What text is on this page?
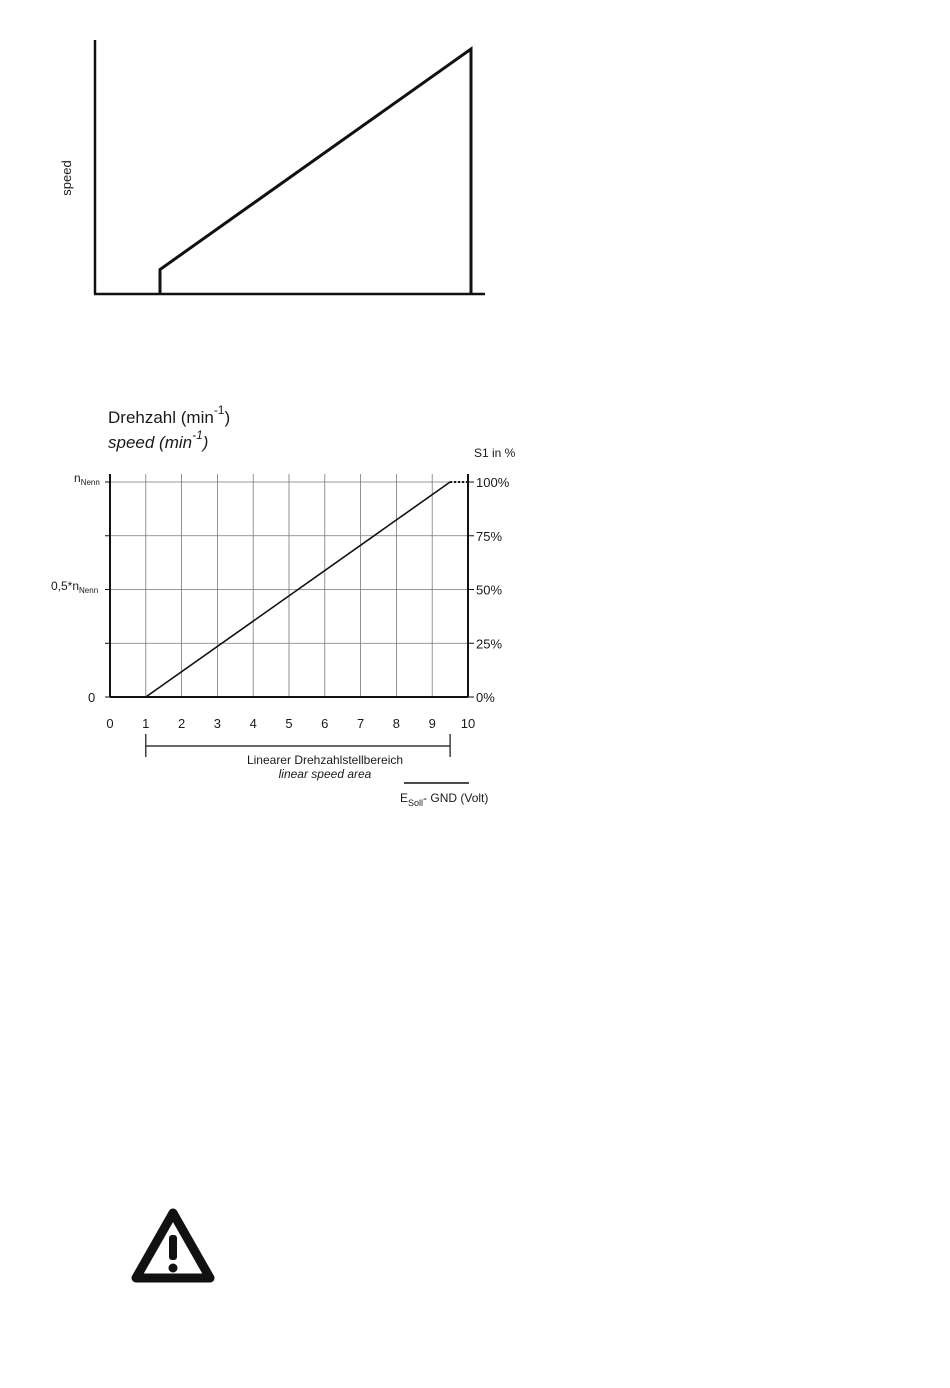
speed
Drehzahl $(\min^{-1})$
speed $(\min^{-1})$
S1 in %
0 1 2 3 4 5 6 7 8 9 10
$n_{Nenn}$
$0,5*n_{Nenn}$
0	0%
25%
50%
75%
100%
Linearer Drehzahlstellbereich
linear speed area
$E_{Soll}-$ GND (Volt)
